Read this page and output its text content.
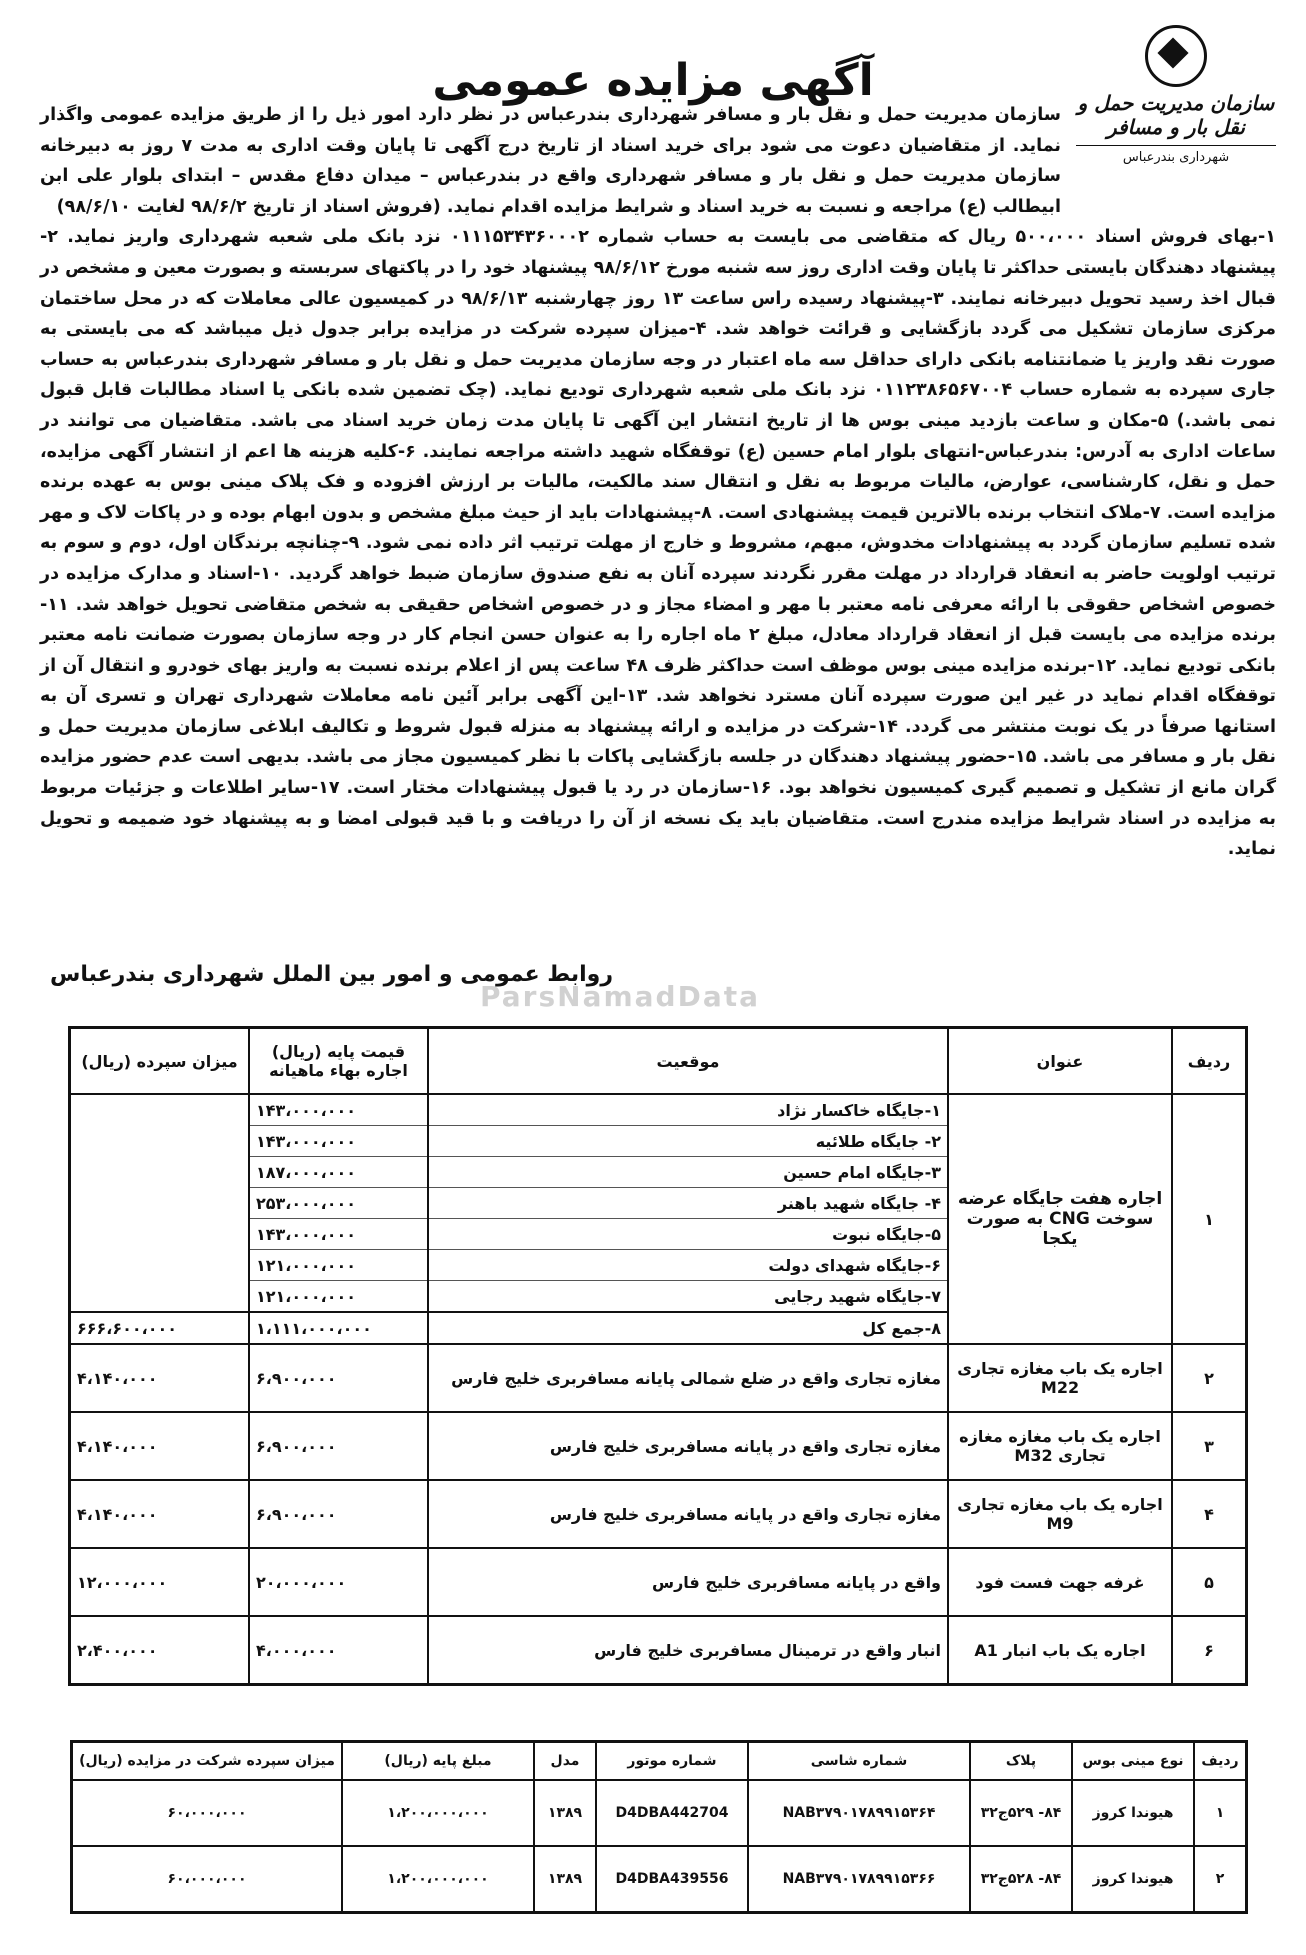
آگهی مزایده عمومی	سازمان مدیریت حمل و نقل بار و مسافر
شهرداری بندرعباس

سازمان مدیریت حمل و نقل بار و مسافر شهرداری بندرعباس در نظر دارد امور ذیل را از طریق مزایده عمومی واگذار نماید. از متقاضیان دعوت می شود برای خرید اسناد از تاریخ درج آگهی تا پایان وقت اداری به مدت ۷ روز به دبیرخانه سازمان مدیریت حمل و نقل بار و مسافر شهرداری واقع در بندرعباس – میدان دفاع مقدس – ابتدای بلوار علی ابن ابیطالب (ع) مراجعه و نسبت به خرید اسناد و شرایط مزایده اقدام نماید. (فروش اسناد از تاریخ ۹۸/۶/۲ لغایت ۹۸/۶/۱۰)

۱-بهای فروش اسناد ۵۰۰،۰۰۰ ریال که متقاضی می بایست به حساب شماره ۰۱۱۱۵۳۴۳۶۰۰۰۲ نزد بانک ملی شعبه شهرداری واریز نماید. ۲-پیشنهاد دهندگان بایستی حداکثر تا پایان وقت اداری روز سه شنبه مورخ ۹۸/۶/۱۲ پیشنهاد خود را در پاکتهای سربسته و بصورت معین و مشخص در قبال اخذ رسید تحویل دبیرخانه نمایند. ۳-پیشنهاد رسیده راس ساعت ۱۳ روز چهارشنبه ۹۸/۶/۱۳ در کمیسیون عالی معاملات که در محل ساختمان مرکزی سازمان تشکیل می گردد بازگشایی و قرائت خواهد شد. ۴-میزان سپرده شرکت در مزایده برابر جدول ذیل میباشد که می بایستی به صورت نقد واریز یا ضمانتنامه بانکی دارای حداقل سه ماه اعتبار در وجه سازمان مدیریت حمل و نقل بار و مسافر شهرداری بندرعباس به حساب جاری سپرده به شماره حساب ۰۱۱۲۳۸۶۵۶۷۰۰۴ نزد بانک ملی شعبه شهرداری تودیع نماید. (چک تضمین شده بانکی یا اسناد مطالبات قابل قبول نمی باشد.) ۵-مکان و ساعت بازدید مینی بوس ها از تاریخ انتشار این آگهی تا پایان مدت زمان خرید اسناد می باشد. متقاضیان می توانند در ساعات اداری به آدرس: بندرعباس-انتهای بلوار امام حسین (ع) توقفگاه شهید داشته مراجعه نمایند. ۶-کلیه هزینه ها اعم از انتشار آگهی مزایده، حمل و نقل، کارشناسی، عوارض، مالیات مربوط به نقل و انتقال سند مالکیت، مالیات بر ارزش افزوده و فک پلاک مینی بوس به عهده برنده مزایده است. ۷-ملاک انتخاب برنده بالاترین قیمت پیشنهادی است. ۸-پیشنهادات باید از حیث مبلغ مشخص و بدون ابهام بوده و در پاکات لاک و مهر شده تسلیم سازمان گردد به پیشنهادات مخدوش، مبهم، مشروط و خارج از مهلت ترتیب اثر داده نمی شود. ۹-چنانچه برندگان اول، دوم و سوم به ترتیب اولویت حاضر به انعقاد قرارداد در مهلت مقرر نگردند سپرده آنان به نفع صندوق سازمان ضبط خواهد گردید. ۱۰-اسناد و مدارک مزایده در خصوص اشخاص حقوقی با ارائه معرفی نامه معتبر با مهر و امضاء مجاز و در خصوص اشخاص حقیقی به شخص متقاضی تحویل خواهد شد. ۱۱-برنده مزایده می بایست قبل از انعقاد قرارداد معادل، مبلغ ۲ ماه اجاره را به عنوان حسن انجام کار در وجه سازمان بصورت ضمانت نامه معتبر بانکی تودیع نماید. ۱۲-برنده مزایده مینی بوس موظف است حداکثر ظرف ۴۸ ساعت پس از اعلام برنده نسبت به واریز بهای خودرو و انتقال آن از توقفگاه اقدام نماید در غیر این صورت سپرده آنان مسترد نخواهد شد. ۱۳-این آگهی برابر آئین نامه معاملات شهرداری تهران و تسری آن به استانها صرفاً در یک نوبت منتشر می گردد. ۱۴-شرکت در مزایده و ارائه پیشنهاد به منزله قبول شروط و تکالیف ابلاغی سازمان مدیریت حمل و نقل بار و مسافر می باشد. ۱۵-حضور پیشنهاد دهندگان در جلسه بازگشایی پاکات با نظر کمیسیون مجاز می باشد. بدیهی است عدم حضور مزایده گران مانع از تشکیل و تصمیم گیری کمیسیون نخواهد بود. ۱۶-سازمان در رد یا قبول پیشنهادات مختار است. ۱۷-سایر اطلاعات و جزئیات مربوط به مزایده در اسناد شرایط مزایده مندرج است. متقاضیان باید یک نسخه از آن را دریافت و با قید قبولی امضا و به پیشنهاد خود ضمیمه و تحویل نماید.

روابط عمومی و امور بین الملل شهرداری بندرعباس
ParsNamadData
ردیف	عنوان	موقعیت	قیمت پایه (ریال) اجاره بهاء ماهیانه	میزان سپرده (ریال)
۱	اجاره هفت جایگاه عرضه سوخت CNG به صورت یکجا	۱-جایگاه خاکسار نژاد	۱۴۳،۰۰۰،۰۰۰	
		۲- جایگاه طلائیه	۱۴۳،۰۰۰،۰۰۰	
		۳-جایگاه امام حسین	۱۸۷،۰۰۰،۰۰۰	
		۴- جایگاه شهید باهنر	۲۵۳،۰۰۰،۰۰۰	
		۵-جایگاه نبوت	۱۴۳،۰۰۰،۰۰۰	
		۶-جایگاه شهدای دولت	۱۲۱،۰۰۰،۰۰۰	
		۷-جایگاه شهید رجایی	۱۲۱،۰۰۰،۰۰۰	
		۸-جمع کل	۱،۱۱۱،۰۰۰،۰۰۰	۶۶۶،۶۰۰،۰۰۰
۲	اجاره یک باب مغازه تجاری M22	مغازه تجاری واقع در ضلع شمالی پایانه مسافربری خلیج فارس	۶،۹۰۰،۰۰۰	۴،۱۴۰،۰۰۰
۳	اجاره یک باب مغازه مغازه تجاری M32	مغازه تجاری واقع در پایانه مسافربری خلیج فارس	۶،۹۰۰،۰۰۰	۴،۱۴۰،۰۰۰
۴	اجاره یک باب مغازه تجاری M9	مغازه تجاری واقع در پایانه مسافربری خلیج فارس	۶،۹۰۰،۰۰۰	۴،۱۴۰،۰۰۰
۵	غرفه جهت فست فود	واقع در پایانه مسافربری خلیج فارس	۲۰،۰۰۰،۰۰۰	۱۲،۰۰۰،۰۰۰
۶	اجاره یک باب انبار A1	انبار واقع در ترمینال مسافربری خلیج فارس	۴،۰۰۰،۰۰۰	۲،۴۰۰،۰۰۰
ردیف	نوع مینی بوس	پلاک	شماره شاسی	شماره موتور	مدل	مبلغ پایه (ریال)	میزان سپرده شرکت در مزایده (ریال)
۱	هیوندا کروز	۸۴- ۵۲۹ج۳۲	NAB۳۷۹۰۱۷۸۹۹۱۵۳۶۴	D4DBA442704	۱۳۸۹	۱،۲۰۰،۰۰۰،۰۰۰	۶۰،۰۰۰،۰۰۰
۲	هیوندا کروز	۸۴- ۵۲۸ج۳۲	NAB۳۷۹۰۱۷۸۹۹۱۵۳۶۶	D4DBA439556	۱۳۸۹	۱،۲۰۰،۰۰۰،۰۰۰	۶۰،۰۰۰،۰۰۰
